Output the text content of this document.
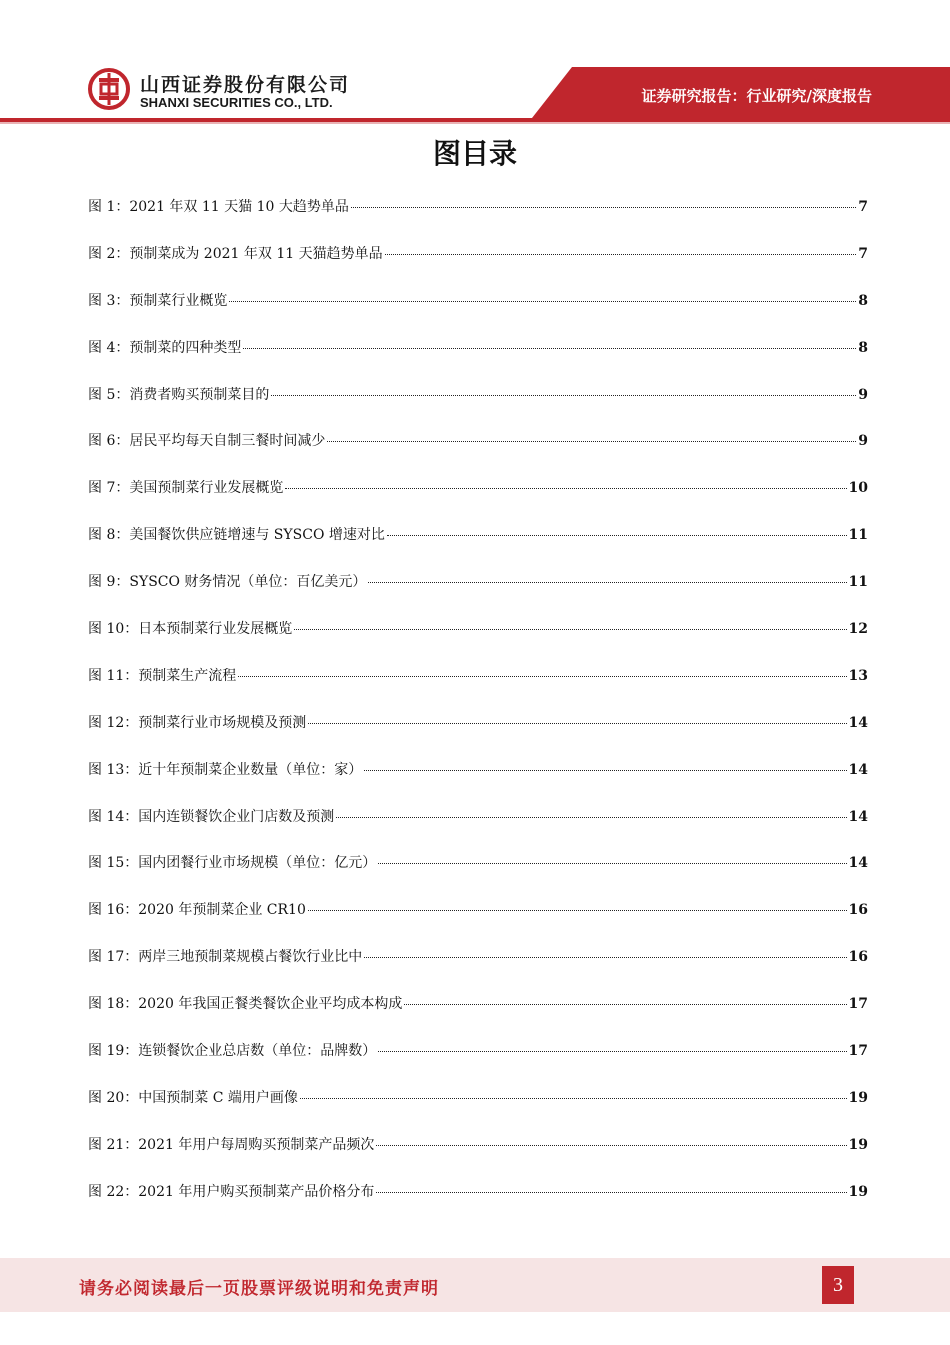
山西证券股份有限公司
SHANXI SECURITIES CO., LTD.	证券研究报告：行业研究/深度报告
图目录
图 1：2021 年双 11 天猫 10 大趋势单品	7
图 2：预制菜成为 2021 年双 11 天猫趋势单品	7
图 3：预制菜行业概览	8
图 4：预制菜的四种类型	8
图 5：消费者购买预制菜目的	9
图 6：居民平均每天自制三餐时间减少	9
图 7：美国预制菜行业发展概览	10
图 8：美国餐饮供应链增速与 SYSCO 增速对比	11
图 9：SYSCO 财务情况（单位：百亿美元）	11
图 10：日本预制菜行业发展概览	12
图 11：预制菜生产流程	13
图 12：预制菜行业市场规模及预测	14
图 13：近十年预制菜企业数量（单位：家）	14
图 14：国内连锁餐饮企业门店数及预测	14
图 15：国内团餐行业市场规模（单位：亿元）	14
图 16：2020 年预制菜企业 CR10	16
图 17：两岸三地预制菜规模占餐饮行业比中	16
图 18：2020 年我国正餐类餐饮企业平均成本构成	17
图 19：连锁餐饮企业总店数（单位：品牌数）	17
图 20：中国预制菜 C 端用户画像	19
图 21：2021 年用户每周购买预制菜产品频次	19
图 22：2021 年用户购买预制菜产品价格分布	19
请务必阅读最后一页股票评级说明和免责声明	3
